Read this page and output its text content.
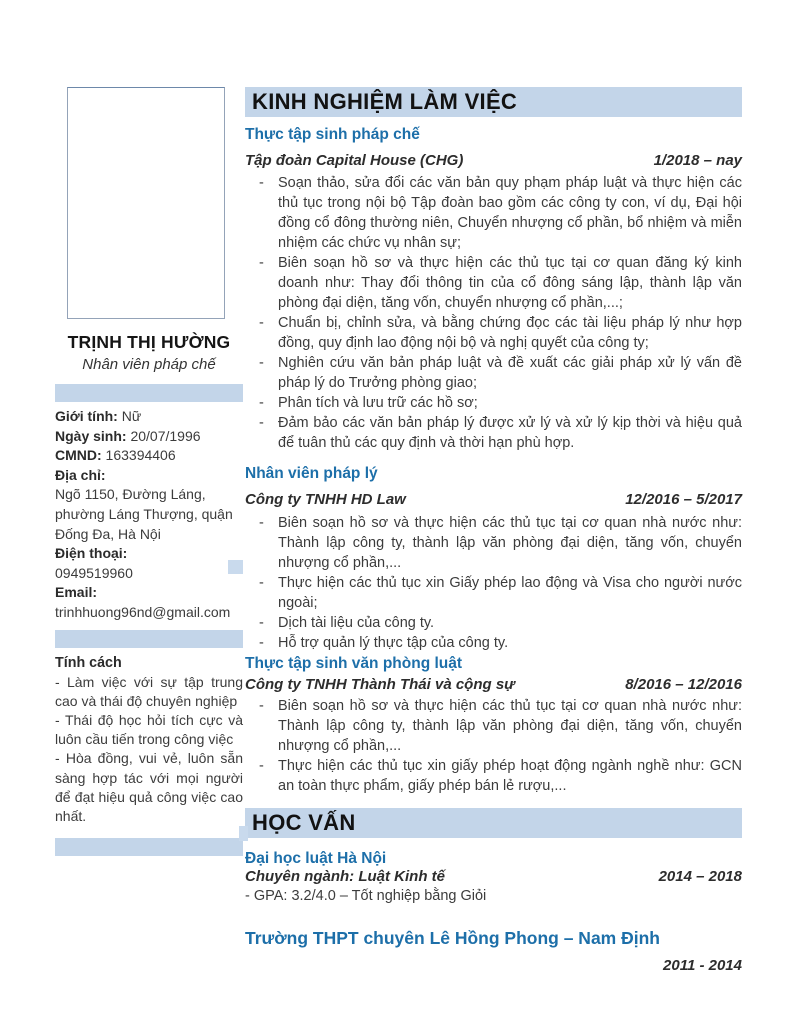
TRỊNH THỊ HƯỜNG
Nhân viên pháp chế
Giới tính: Nữ
Ngày sinh: 20/07/1996
CMND: 163394406
Địa chỉ:
Ngõ 1150, Đường Láng, phường Láng Thượng, quận Đống Đa, Hà Nội
Điện thoại:
0949519960
Email:
trinhhuong96nd@gmail.com
Tính cách

- Làm việc với sự tập trung cao và thái độ chuyên nghiệp

- Thái độ học hỏi tích cực và luôn cầu tiến trong công việc

- Hòa đồng, vui vẻ, luôn sẵn sàng hợp tác với mọi người để đạt hiệu quả công việc cao nhất.

KINH NGHIỆM LÀM VIỆC
Thực tập sinh pháp chế
Tập đoàn Capital House (CHG)	1/2018 – nay
- Soạn thảo, sửa đổi các văn bản quy phạm pháp luật và thực hiện các thủ tục trong nội bộ Tập đoàn bao gồm các công ty con, ví dụ, Đại hội đồng cổ đông thường niên, Chuyển nhượng cổ phần, bổ nhiệm và miễn nhiệm các chức vụ nhân sự;
- Biên soạn hồ sơ và thực hiện các thủ tục tại cơ quan đăng ký kinh doanh như: Thay đổi thông tin của cổ đông sáng lập, thành lập văn phòng đại diện, tăng vốn, chuyển nhượng cổ phần,...;
- Chuẩn bị, chỉnh sửa, và bằng chứng đọc các tài liệu pháp lý như hợp đồng, quy định lao động nội bộ và nghị quyết của công ty;
- Nghiên cứu văn bản pháp luật và đề xuất các giải pháp xử lý vấn đề pháp lý do Trưởng phòng giao;
- Phân tích và lưu trữ các hồ sơ;
- Đảm bảo các văn bản pháp lý được xử lý và xử lý kịp thời và hiệu quả để tuân thủ các quy định và thời hạn phù hợp.
Nhân viên pháp lý
Công ty TNHH HD Law	12/2016 – 5/2017
- Biên soạn hồ sơ và thực hiện các thủ tục tại cơ quan nhà nước như: Thành lập công ty, thành lập văn phòng đại diện, tăng vốn, chuyển nhượng cổ phần,...
- Thực hiện các thủ tục xin Giấy phép lao động và Visa cho người nước ngoài;
- Dịch tài liệu của công ty.
- Hỗ trợ quản lý thực tập của công ty.
Thực tập sinh văn phòng luật
Công ty TNHH Thành Thái và cộng sự	8/2016 – 12/2016
- Biên soạn hồ sơ và thực hiện các thủ tục tại cơ quan nhà nước như: Thành lập công ty, thành lập văn phòng đại diện, tăng vốn, chuyển nhượng cổ phần,...
- Thực hiện các thủ tục xin giấy phép hoạt động ngành nghề như: GCN an toàn thực phẩm, giấy phép bán lẻ rượu,...
HỌC VẤN
Đại học luật Hà Nội
Chuyên ngành: Luật Kinh tế	2014 – 2018
- GPA: 3.2/4.0 – Tốt nghiệp bằng Giỏi
Trường THPT chuyên Lê Hồng Phong – Nam Định
2011 - 2014
